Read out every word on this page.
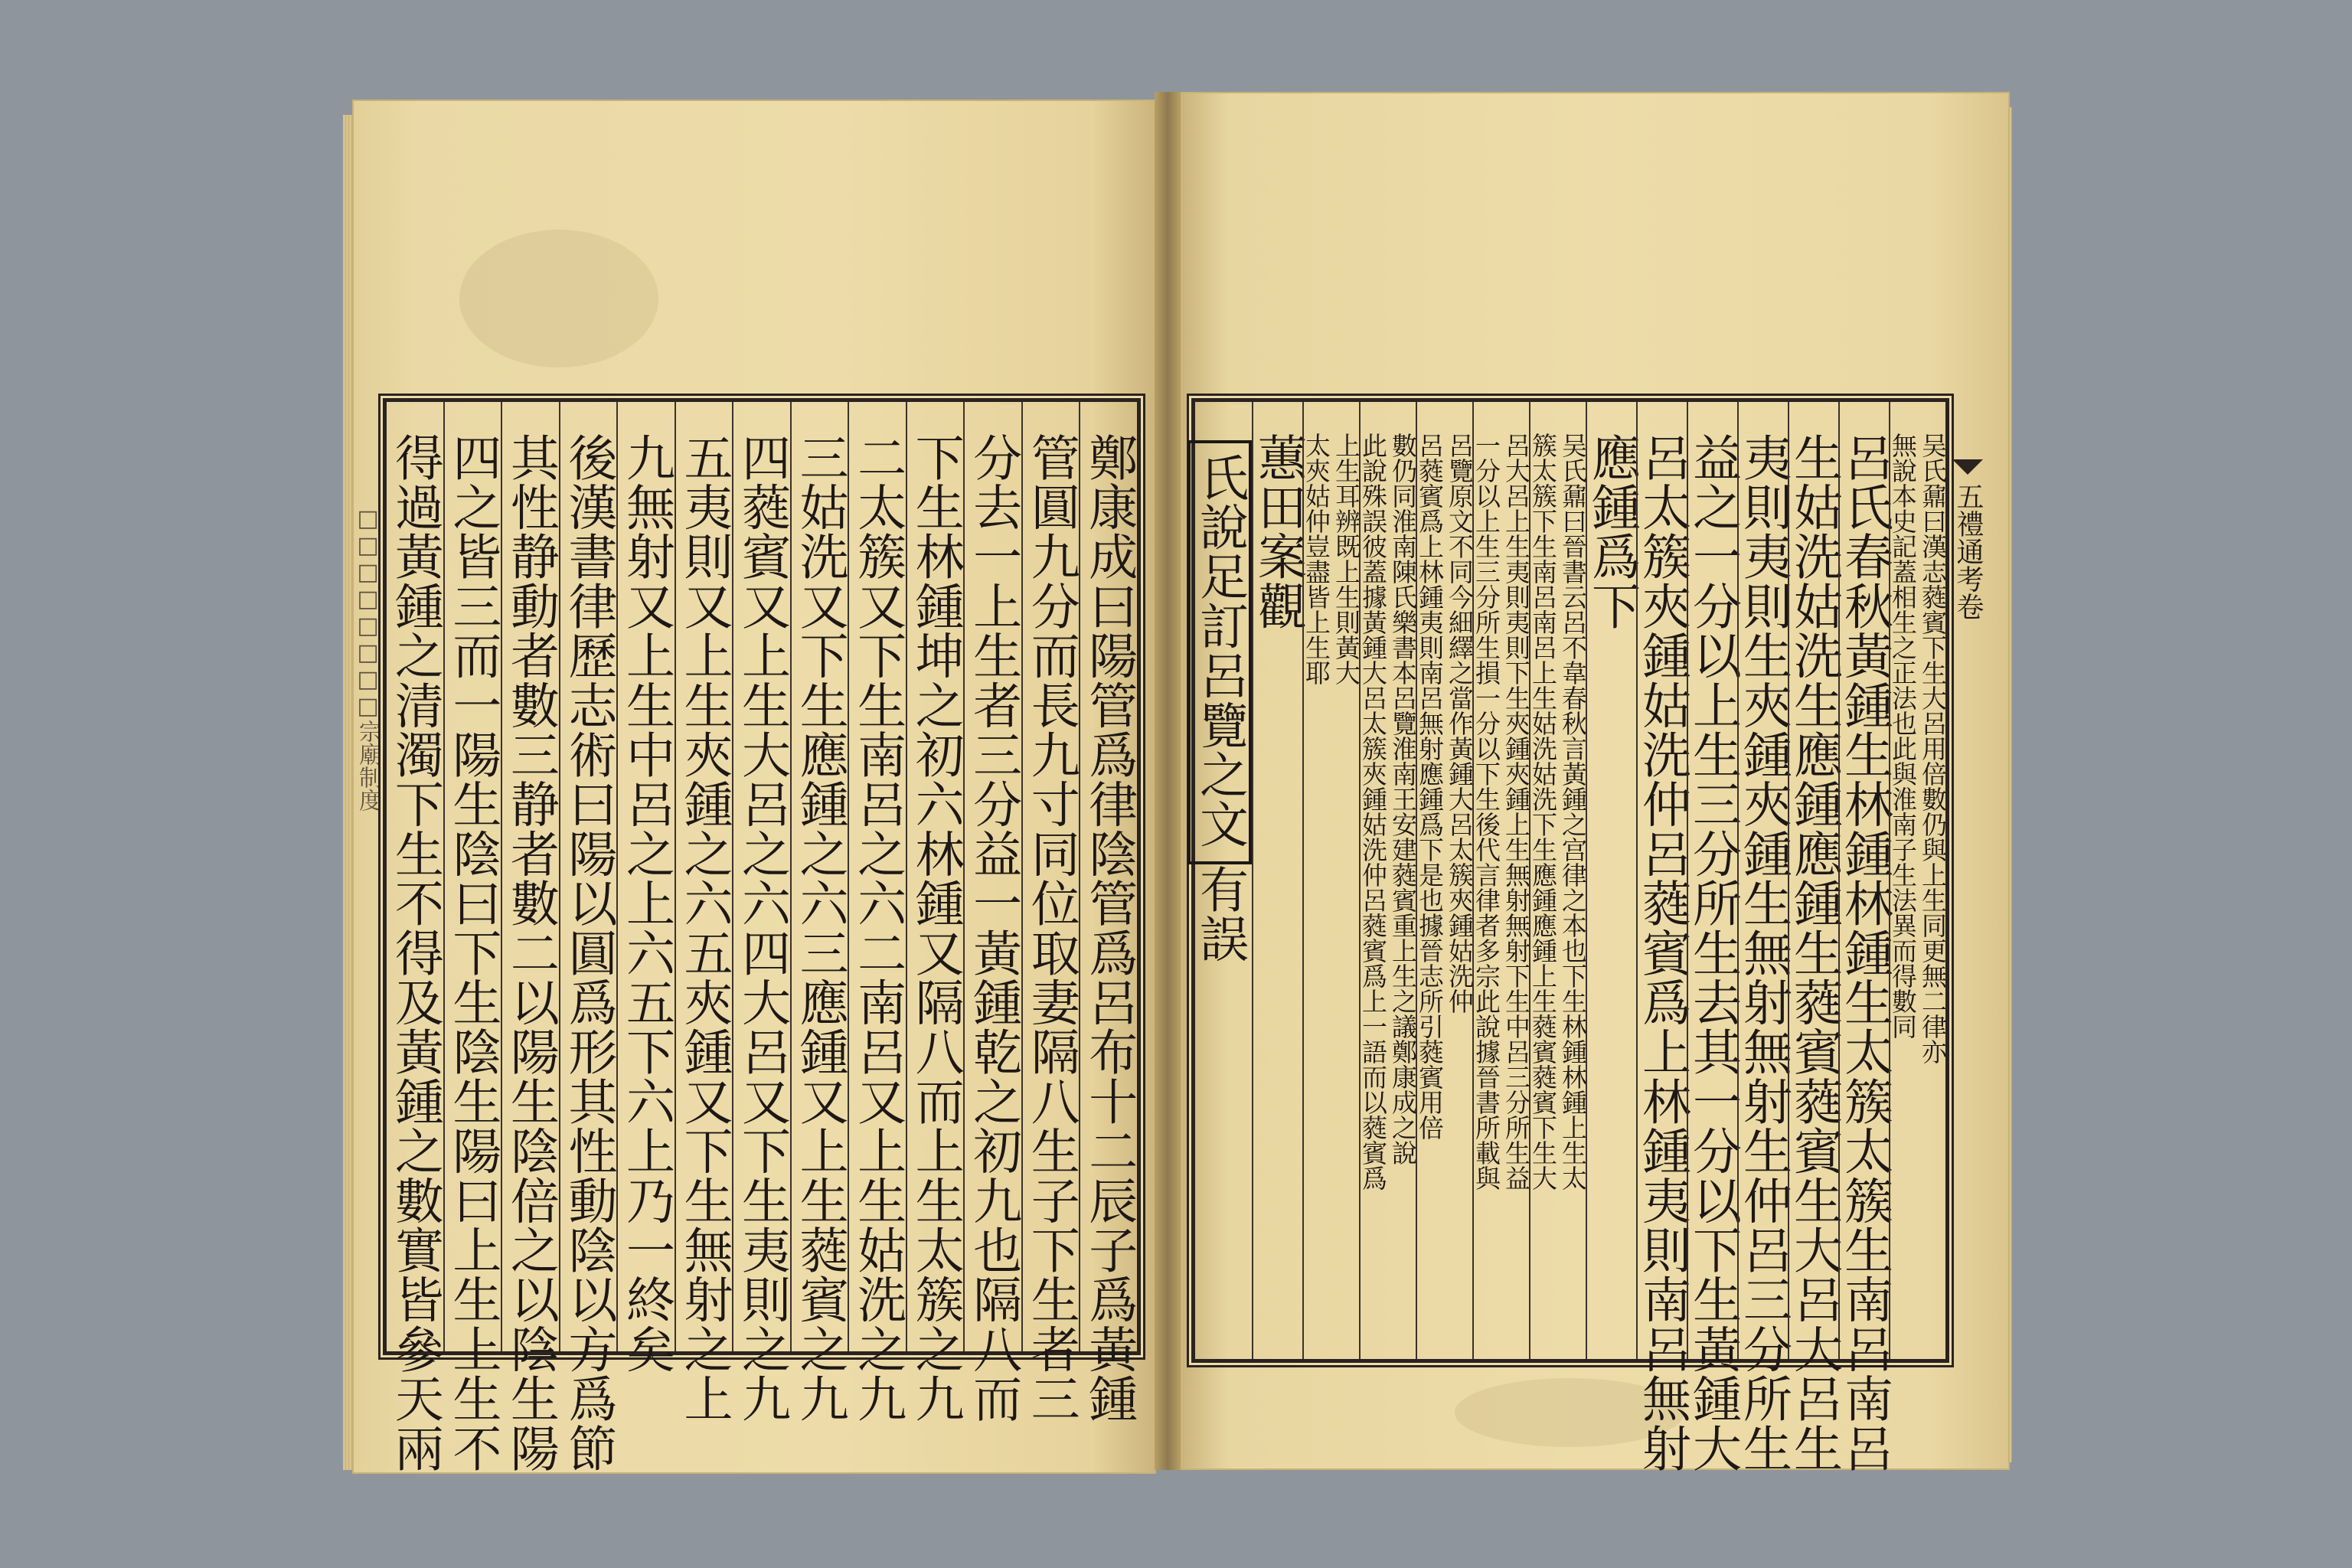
□□□□□□□□宗廟制度	鄭康成曰陽管爲律陰管爲呂布十二辰子爲黃鍾
管圓九分而長九寸同位取妻隔八生子下生者三
分去一上生者三分益一黃鍾乾之初九也隔八而
下生林鍾坤之初六林鍾又隔八而上生太簇之九
二太簇又下生南呂之六二南呂又上生姑洗之九
三姑洗又下生應鍾之六三應鍾又上生蕤賓之九
四蕤賓又上生大呂之六四大呂又下生夷則之九
五夷則又上生夾鍾之六五夾鍾又下生無射之上
九無射又上生中呂之上六五下六上乃一終矣
後漢書律歷志術曰陽以圓爲形其性動陰以方爲節
其性静動者數三静者數二以陽生陰倍之以陰生陽
四之皆三而一陽生陰曰下生陰生陽曰上生上生不
得過黃鍾之清濁下生不得及黃鍾之數實皆參天兩	五禮通考卷
吴氏鼐曰漢志蕤賓下生大呂用倍數仍與上生同更無二律亦
無說本史記蓋相生之正法也此與淮南子生法異而得數同
呂氏春秋黃鍾生林鍾林鍾生太簇太簇生南呂南呂
生姑洗姑洗生應鍾應鍾生蕤賓蕤賓生大呂大呂生
夷則夷則生夾鍾夾鍾生無射無射生仲呂三分所生
益之一分以上生三分所生去其一分以下生黃鍾大
呂太簇夾鍾姑洗仲呂蕤賓爲上林鍾夷則南呂無射
應鍾爲下
吴氏鼐曰晉書云呂不韋春秋言黃鍾之宫律之本也下生林鍾林鍾上生太
簇太簇下生南呂南呂上生姑洗姑洗下生應鍾應鍾上生蕤賓蕤賓下生大
呂大呂上生夷則夷則下生夾鍾夾鍾上生無射無射下生中呂三分所生益
一分以上生三分所生損一分以下生後代言律者多宗此說據晉書所載與
呂覽原文不同今細繹之當作黃鍾大呂太簇夾鍾姑洗仲
呂蕤賓爲上林鍾夷則南呂無射應鍾爲下是也據晉志所引蕤賓用倍
數仍同淮南陳氏樂書本呂覽淮南王安建蕤賓重上生之議鄭康成之說
此說殊誤彼蓋據黃鍾大呂太簇夾鍾姑洗仲呂蕤賓爲上一語而以蕤賓爲
上生耳辨既上生則黃大
太夾姑仲豈盡皆上生耶
蕙田案觀
氏說足訂呂覽之文
有誤
